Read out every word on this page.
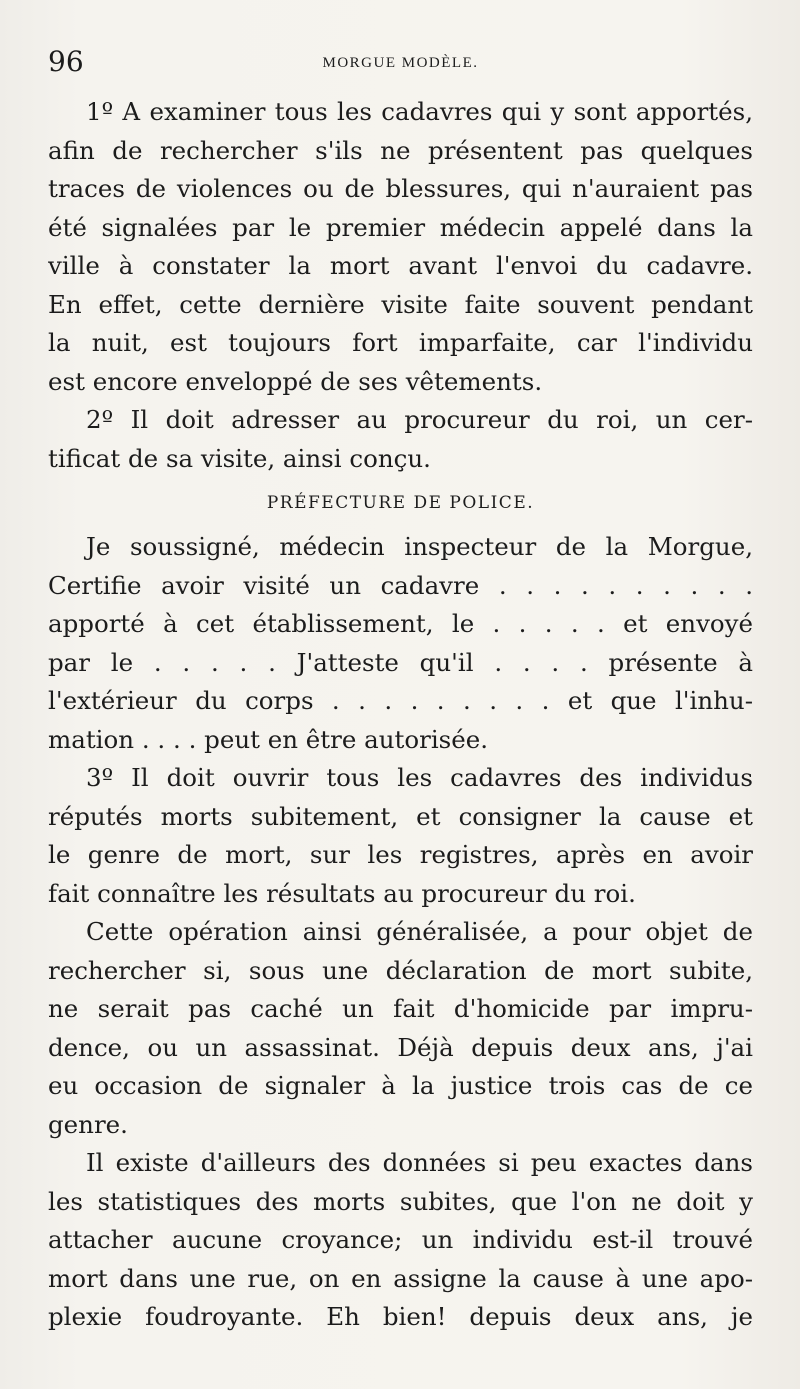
96	MORGUE MODÈLE.
1º A examiner tous les cadavres qui y sont apportés,
afin de rechercher s'ils ne présentent pas quelques
traces de violences ou de blessures, qui n'auraient pas
été signalées par le premier médecin appelé dans la
ville à constater la mort avant l'envoi du cadavre.
En effet, cette dernière visite faite souvent pendant
la nuit, est toujours fort imparfaite, car l'individu
est encore enveloppé de ses vêtements.
2º Il doit adresser au procureur du roi, un cer-
tificat de sa visite, ainsi conçu.
PRÉFECTURE DE POLICE.
Je soussigné, médecin inspecteur de la Morgue,
Certifie avoir visité un cadavre . . . . . . . . . .
apporté à cet établissement, le . . . . . et envoyé
par le . . . . . J'atteste qu'il . . . . présente à
l'extérieur du corps . . . . . . . . . et que l'inhu-
mation . . . . peut en être autorisée.
3º Il doit ouvrir tous les cadavres des individus
réputés morts subitement, et consigner la cause et
le genre de mort, sur les registres, après en avoir
fait connaître les résultats au procureur du roi.
Cette opération ainsi généralisée, a pour objet de
rechercher si, sous une déclaration de mort subite,
ne serait pas caché un fait d'homicide par impru-
dence, ou un assassinat. Déjà depuis deux ans, j'ai
eu occasion de signaler à la justice trois cas de ce
genre.
Il existe d'ailleurs des données si peu exactes dans
les statistiques des morts subites, que l'on ne doit y
attacher aucune croyance; un individu est-il trouvé
mort dans une rue, on en assigne la cause à une apo-
plexie foudroyante. Eh bien! depuis deux ans, je
